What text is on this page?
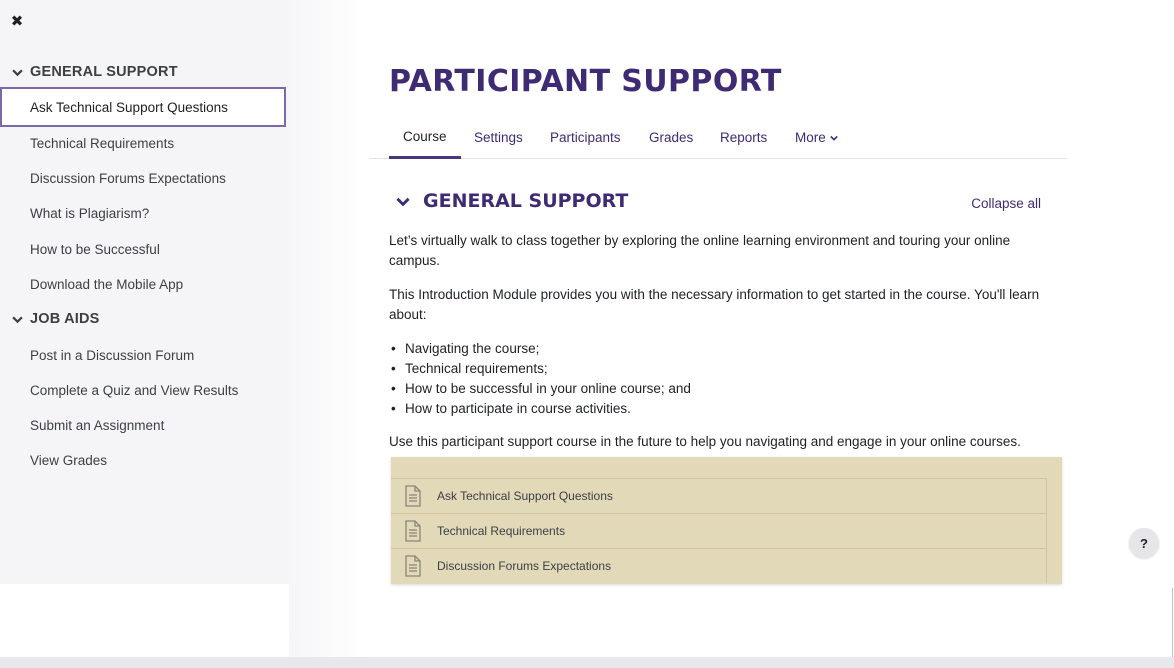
✖
GENERAL SUPPORT
Ask Technical Support Questions
Technical Requirements
Discussion Forums Expectations
What is Plagiarism?
How to be Successful
Download the Mobile App
JOB AIDS
Post in a Discussion Forum
Complete a Quiz and View Results
Submit an Assignment
View Grades
PARTICIPANT SUPPORT
Course Settings Participants Grades Reports More
GENERAL SUPPORT	Collapse all

Let’s virtually walk to class together by exploring the online learning environment and touring your online campus.

This Introduction Module provides you with the necessary information to get started in the course. You'll learn about:

• Navigating the course;
• Technical requirements;
• How to be successful in your online course; and
• How to participate in course activities.

Use this participant support course in the future to help you navigating and engage in your online courses.

Ask Technical Support Questions
Technical Requirements
Discussion Forums Expectations
?
